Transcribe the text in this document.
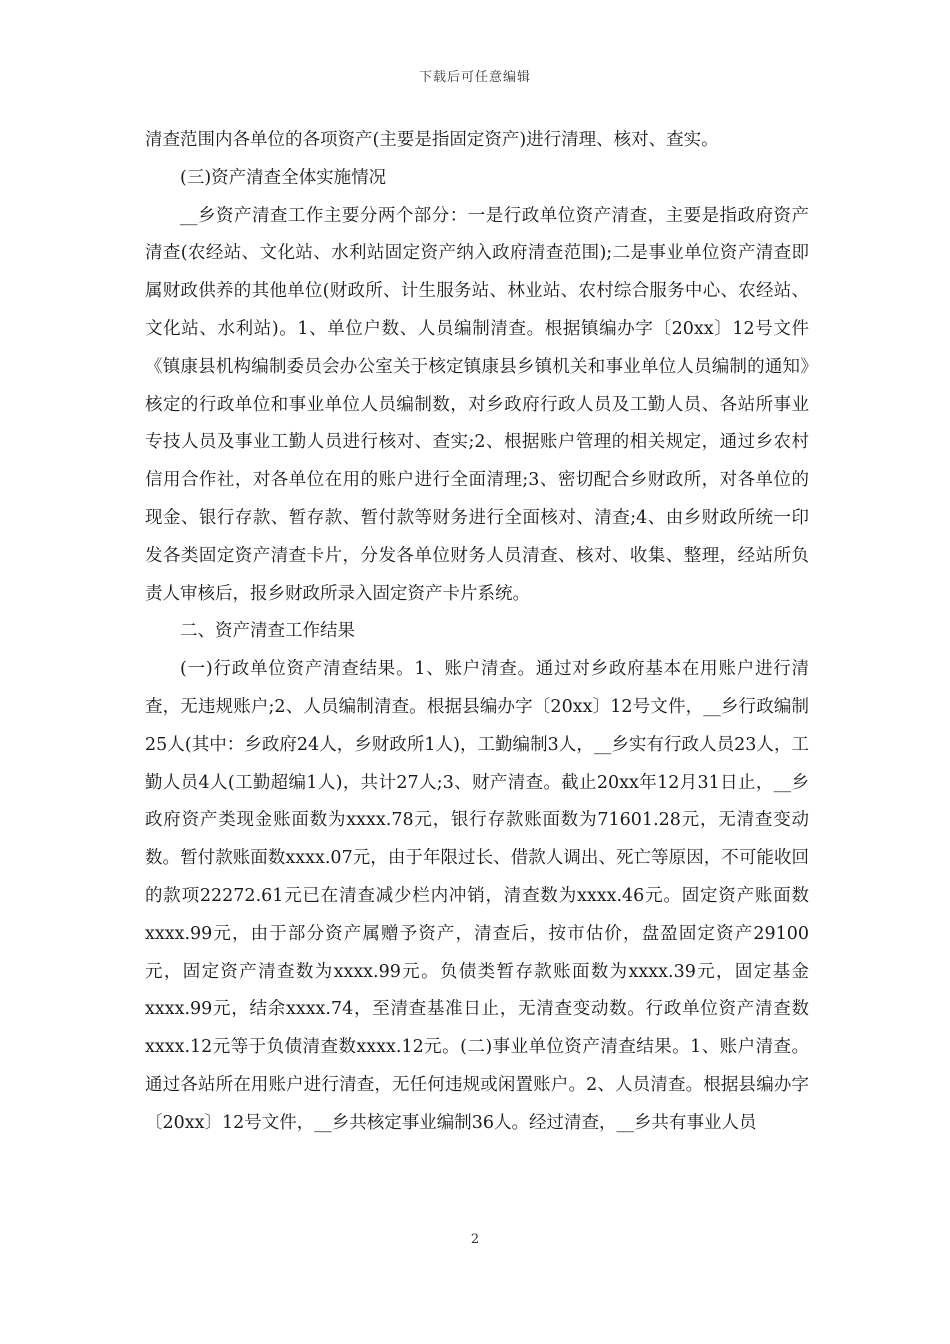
下载后可任意编辑

清查范围内各单位的各项资产(主要是指固定资产)进行清理、核对、查实。

(三)资产清查全体实施情况

__乡资产清查工作主要分两个部分：一是行政单位资产清查，主要是指政府资产清查(农经站、文化站、水利站固定资产纳入政府清查范围);二是事业单位资产清查即属财政供养的其他单位(财政所、计生服务站、林业站、农村综合服务中心、农经站、文化站、水利站)。1、单位户数、人员编制清查。根据镇编办字〔20xx〕12号文件《镇康县机构编制委员会办公室关于核定镇康县乡镇机关和事业单位人员编制的通知》核定的行政单位和事业单位人员编制数，对乡政府行政人员及工勤人员、各站所事业专技人员及事业工勤人员进行核对、查实;2、根据账户管理的相关规定，通过乡农村信用合作社，对各单位在用的账户进行全面清理;3、密切配合乡财政所，对各单位的现金、银行存款、暂存款、暂付款等财务进行全面核对、清查;4、由乡财政所统一印发各类固定资产清查卡片，分发各单位财务人员清查、核对、收集、整理，经站所负责人审核后，报乡财政所录入固定资产卡片系统。

二、资产清查工作结果

(一)行政单位资产清查结果。1、账户清查。通过对乡政府基本在用账户进行清查，无违规账户;2、人员编制清查。根据县编办字〔20xx〕12号文件，__乡行政编制25人(其中：乡政府24人，乡财政所1人)，工勤编制3人，__乡实有行政人员23人，工勤人员4人(工勤超编1人)，共计27人;3、财产清查。截止20xx年12月31日止，__乡政府资产类现金账面数为xxxx.78元，银行存款账面数为71601.28元，无清查变动数。暂付款账面数xxxx.07元，由于年限过长、借款人调出、死亡等原因，不可能收回的款项22272.61元已在清查减少栏内冲销，清查数为xxxx.46元。固定资产账面数xxxx.99元，由于部分资产属赠予资产，清查后，按市估价，盘盈固定资产29100元，固定资产清查数为xxxx.99元。负债类暂存款账面数为xxxx.39元，固定基金xxxx.99元，结余xxxx.74，至清查基准日止，无清查变动数。行政单位资产清查数xxxx.12元等于负债清查数xxxx.12元。(二)事业单位资产清查结果。1、账户清查。通过各站所在用账户进行清查，无任何违规或闲置账户。2、人员清查。根据县编办字〔20xx〕12号文件，__乡共核定事业编制36人。经过清查，__乡共有事业人员

2
